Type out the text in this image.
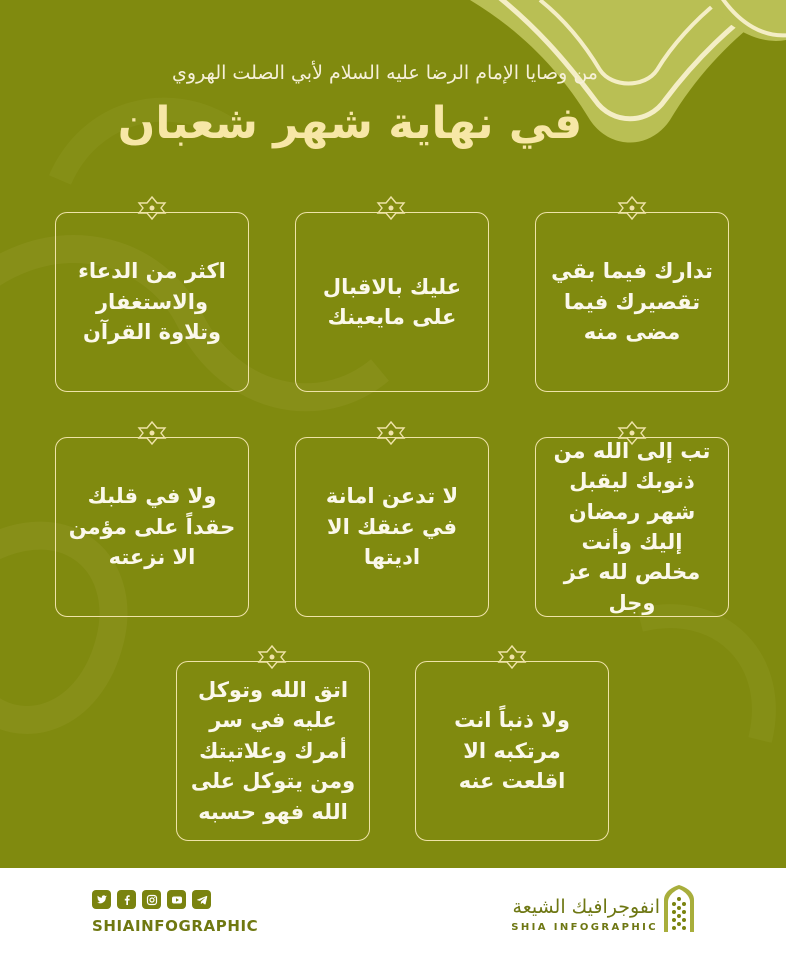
من وصايا الإمام الرضا عليه السلام لأبي الصلت الهروي
في نهاية شهر شعبان
تدارك فيما بقي تقصيرك فيما مضى منه
عليك بالاقبال على مايعينك
اكثر من الدعاء والاستغفار وتلاوة القرآن
تب إلى الله من ذنوبك ليقبل شهر رمضان إليك وأنت مخلص لله عز وجل
لا تدعن امانة في عنقك الا اديتها
ولا في قلبك حقداً على مؤمن الا نزعته
ولا ذنباً انت مرتكبه الا اقلعت عنه
اتق الله وتوكل عليه في سر أمرك وعلاتيتك ومن يتوكل على الله فهو حسبه
SHIAINFOGRAPHIC
انفوجرافيك الشيعة
SHIA INFOGRAPHIC
